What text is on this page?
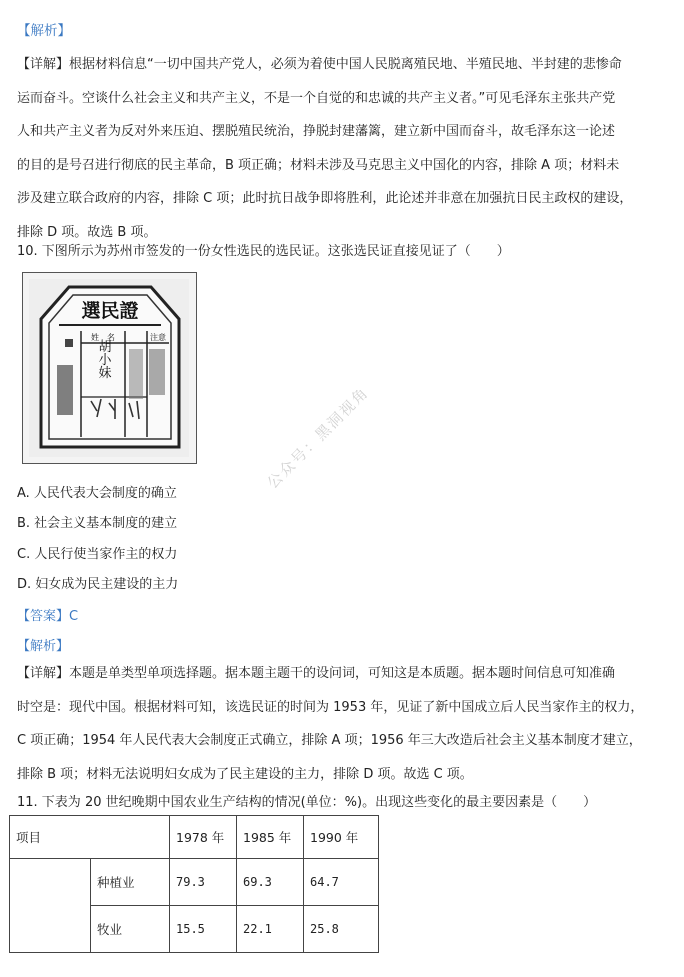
【解析】
【详解】根据材料信息“一切中国共产党人，必须为着使中国人民脱离殖民地、半殖民地、半封建的悲惨命
运而奋斗。空谈什么社会主义和共产主义，不是一个自觉的和忠诚的共产主义者。”可见毛泽东主张共产党
人和共产主义者为反对外来压迫、摆脱殖民统治，挣脱封建藩篱，建立新中国而奋斗，故毛泽东这一论述
的目的是号召进行彻底的民主革命，B 项正确；材料未涉及马克思主义中国化的内容，排除 A 项；材料未
涉及建立联合政府的内容，排除 C 项；此时抗日战争即将胜利，此论述并非意在加强抗日民主政权的建设，
排除 D 项。故选 B 项。
10. 下图所示为苏州市签发的一份女性选民的选民证。这张选民证直接见证了（　　）
選民證
姓　名	注意
胡小妹
A. 人民代表大会制度的确立
B. 社会主义基本制度的建立
C. 人民行使当家作主的权力
D. 妇女成为民主建设的主力
公众号：黑洞视角
【答案】C
【解析】
【详解】本题是单类型单项选择题。据本题主题干的设问词，可知这是本质题。据本题时间信息可知准确
时空是：现代中国。根据材料可知，该选民证的时间为 1953 年，见证了新中国成立后人民当家作主的权力，
C 项正确；1954 年人民代表大会制度正式确立，排除 A 项；1956 年三大改造后社会主义基本制度才建立，
排除 B 项；材料无法说明妇女成为了民主建设的主力，排除 D 项。故选 C 项。
11. 下表为 20 世纪晚期中国农业生产结构的情况(单位：%)。出现这些变化的最主要因素是（　　）
项目		1978 年	1985 年	1990 年
	种植业	79.3	69.3	64.7
	牧业	15.5	22.1	25.8
